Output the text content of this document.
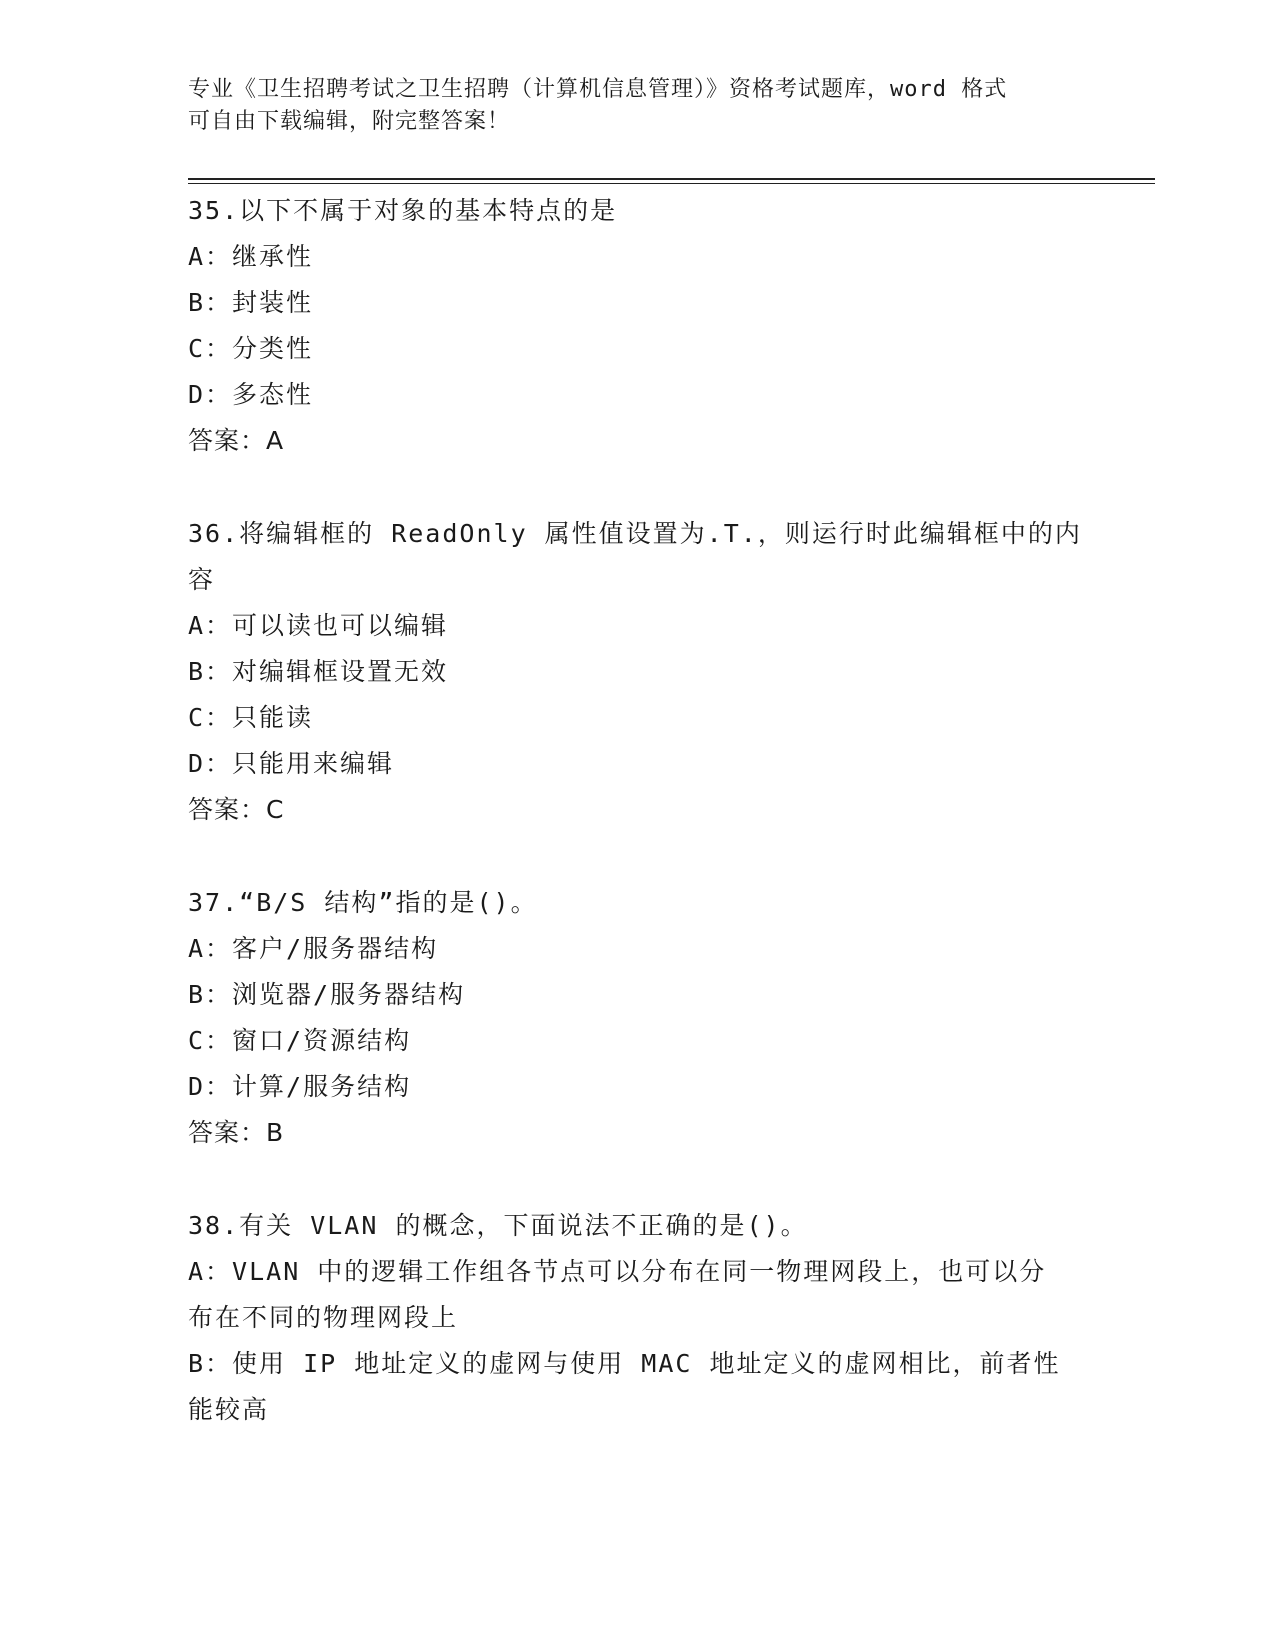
专业《卫生招聘考试之卫生招聘（计算机信息管理）》资格考试题库，word 格式
可自由下载编辑，附完整答案！
35.以下不属于对象的基本特点的是
A：继承性
B：封装性
C：分类性
D：多态性
答案：A
36.将编辑框的 ReadOnly 属性值设置为.T.，则运行时此编辑框中的内
容
A：可以读也可以编辑
B：对编辑框设置无效
C：只能读
D：只能用来编辑
答案：C
37.“B/S 结构”指的是()。
A：客户/服务器结构
B：浏览器/服务器结构
C：窗口/资源结构
D：计算/服务结构
答案：B
38.有关 VLAN 的概念，下面说法不正确的是()。
A：VLAN 中的逻辑工作组各节点可以分布在同一物理网段上，也可以分
布在不同的物理网段上
B：使用 IP 地址定义的虚网与使用 MAC 地址定义的虚网相比，前者性
能较高
